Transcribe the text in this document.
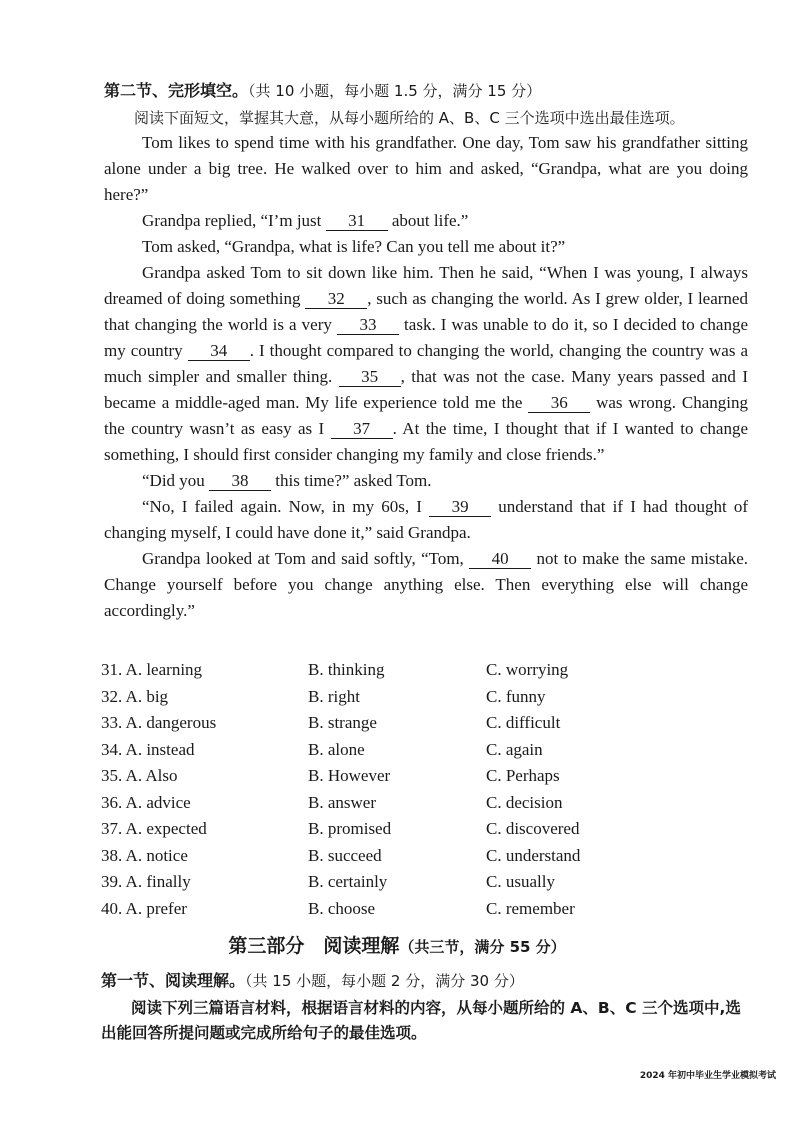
第二节、完形填空。（共 10 小题，每小题 1.5 分，满分 15 分）
阅读下面短文，掌握其大意，从每小题所给的 A、B、C 三个选项中选出最佳选项。

Tom likes to spend time with his grandfather. One day, Tom saw his grandfather sitting alone under a big tree. He walked over to him and asked, “Grandpa, what are you doing here?”

Grandpa replied, “I’m just 31 about life.”

Tom asked, “Grandpa, what is life? Can you tell me about it?”

Grandpa asked Tom to sit down like him. Then he said, “When I was young, I always dreamed of doing something 32 , such as changing the world. As I grew older, I learned that changing the world is a very 33 task. I was unable to do it, so I decided to change my country 34 . I thought compared to changing the world, changing the country was a much simpler and smaller thing. 35 , that was not the case. Many years passed and I became a middle-aged man. My life experience told me the 36 was wrong. Changing the country wasn’t as easy as I 37 . At the time, I thought that if I wanted to change something, I should first consider changing my family and close friends.”

“Did you 38 this time?” asked Tom.

“No, I failed again. Now, in my 60s, I 39 understand that if I had thought of changing myself, I could have done it,” said Grandpa.

Grandpa looked at Tom and said softly, “Tom, 40 not to make the same mistake. Change yourself before you change anything else. Then everything else will change accordingly.”

31. A. learning	B. thinking	C. worrying
32. A. big	B. right	C. funny
33. A. dangerous	B. strange	C. difficult
34. A. instead	B. alone	C. again
35. A. Also	B. However	C. Perhaps
36. A. advice	B. answer	C. decision
37. A. expected	B. promised	C. discovered
38. A. notice	B. succeed	C. understand
39. A. finally	B. certainly	C. usually
40. A. prefer	B. choose	C. remember
第三部分　阅读理解（共三节，满分 55 分）
第一节、阅读理解。（共 15 小题，每小题 2 分，满分 30 分）
阅读下列三篇语言材料，根据语言材料的内容，从每小题所给的 A、B、C 三个选项中,选出能回答所提问题或完成所给句子的最佳选项。
2024 年初中毕业生学业模拟考试
